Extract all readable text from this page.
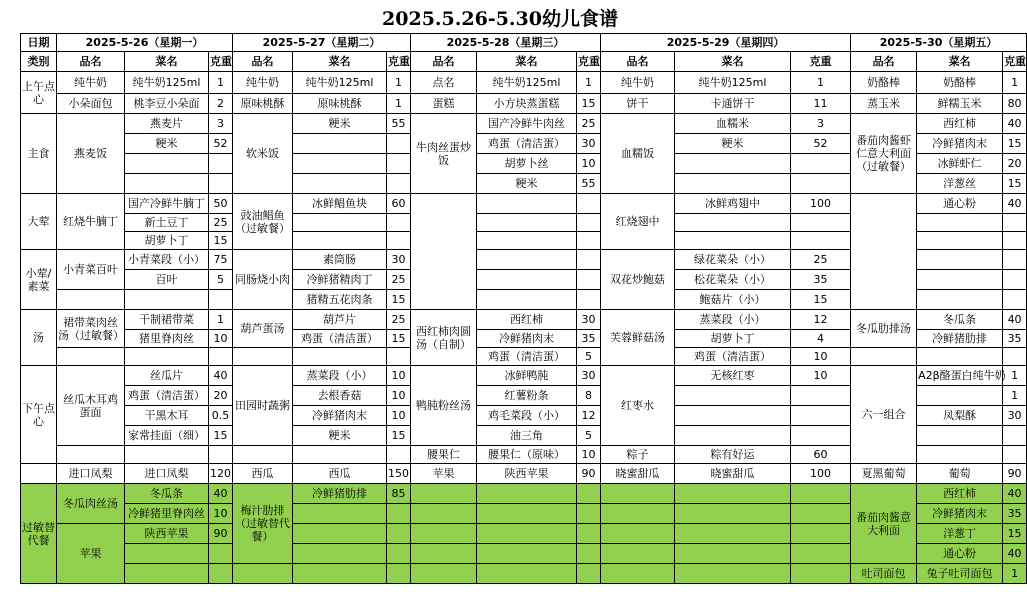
2025.5.26-5.30幼儿食谱
日期	2025-5-26（星期一）			2025-5-27（星期二）			2025-5-28（星期三）			2025-5-29（星期四）			2025-5-30（星期五）		
类别	品名	菜名	克重	品名	菜名	克重	品名	菜名	克重	品名	菜名	克重	品名	菜名	克重
上午点心	纯牛奶	纯牛奶125ml	1	纯牛奶	纯牛奶125ml	1	点名	纯牛奶125ml	1	纯牛奶	纯牛奶125ml	1	奶酪棒	奶酪棒	1
	小朵面包	桃李豆小朵面	2	原味桃酥	原味桃酥	1	蛋糕	小方块蒸蛋糕	15	饼干	卡通饼干	11	蒸玉米	鲜糯玉米	80
主食	燕麦饭	燕麦片	3	软米饭	粳米	55	牛肉丝蛋炒饭	国产冷鲜牛肉丝	25	血糯饭	血糯米	3	番茄肉酱虾仁意大利面（过敏餐）	西红柿	40
		粳米	52					鸡蛋（清洁蛋）	30		粳米	52		冷鲜猪肉末	15
								胡萝卜丝	10					冰鲜虾仁	20
								粳米	55					洋葱丝	15
大荤	红烧牛腩丁	国产冷鲜牛腩丁	50	豉油鲳鱼（过敏餐）	冰鲜鲳鱼块	60				红烧翅中	冰鲜鸡翅中	100		通心粉	40
		新土豆丁	25												
		胡萝卜丁	15												
小荤/素菜	小青菜百叶	小青菜段（小）	75	同肠烧小肉	素筒肠	30				双花炒鲍菇	绿花菜朵（小）	25			
		百叶	5		冷鲜猪精肉丁	25					松花菜朵（小）	35			
					猪精五花肉条	15					鲍菇片（小）	15			
汤	裙带菜肉丝汤（过敏餐）	干制裙带菜	1	葫芦蛋汤	葫芦片	25	西红柿肉圆汤（自制）	西红柿	30	芙蓉鲜菇汤	蒸菜段（小）	12	冬瓜肋排汤	冬瓜条	40
		猪里脊肉丝	10		鸡蛋（清洁蛋）	15		冷鲜猪肉末	35		胡萝卜丁	4		冷鲜猪肋排	35
								鸡蛋（清洁蛋）	5		鸡蛋（清洁蛋）	10			
下午点心	丝瓜木耳鸡蛋面	丝瓜片	40	田园时蔬粥	蒸菜段（小）	10	鸭肫粉丝汤	冰鲜鸭肫	30	红枣水	无核红枣	10	六一组合	A2β酪蛋白纯牛奶	1
		鸡蛋（清洁蛋）	20		去根香菇	10		红薯粉条	8						1
		干黑木耳	0.5		冷鲜猪肉末	10		鸡毛菜段（小）	12					凤梨酥	30
		家常挂面（细）	15		粳米	15		油三角	5						
							腰果仁	腰果仁（原味）	10	粽子	粽有好运	60			
	进口凤梨	进口凤梨	120	西瓜	西瓜	150	苹果	陕西苹果	90	晓蜜甜瓜	晓蜜甜瓜	100	夏黑葡萄	葡萄	90
过敏替代餐	冬瓜肉丝汤	冬瓜条	40	梅汁肋排（过敏替代餐）	冷鲜猪肋排	85							番茄肉酱意大利面	西红柿	40
		冷鲜猪里脊肉丝	10											冷鲜猪肉末	35
	苹果	陕西苹果	90											洋葱丁	15
														通心粉	40
													吐司面包	兔子吐司面包	1
